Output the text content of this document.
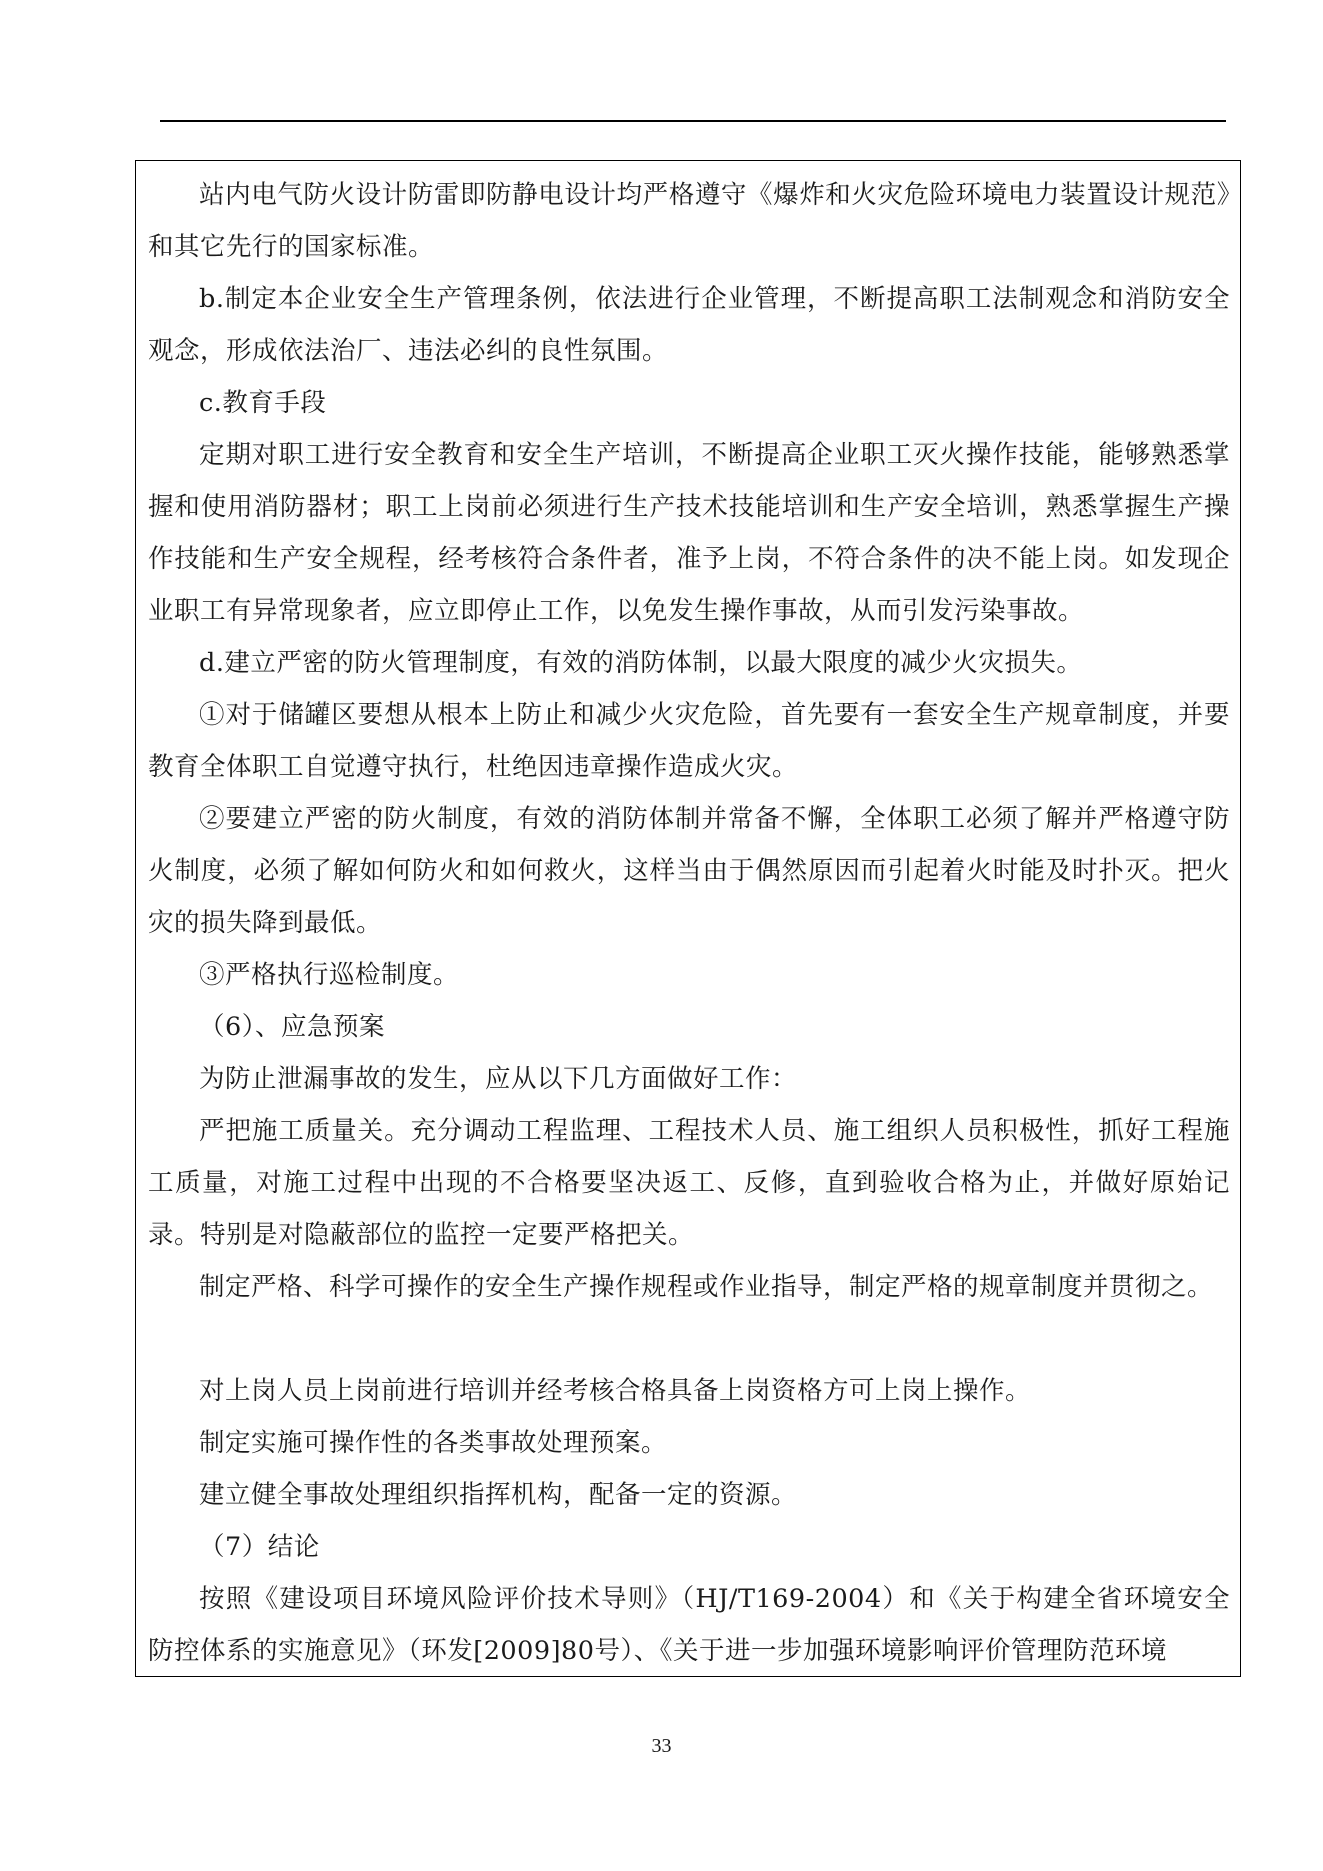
站内电气防火设计防雷即防静电设计均严格遵守《爆炸和火灾危险环境电力装置设计规范》和其它先行的国家标准。

b.制定本企业安全生产管理条例，依法进行企业管理，不断提高职工法制观念和消防安全观念，形成依法治厂、违法必纠的良性氛围。

c.教育手段

定期对职工进行安全教育和安全生产培训，不断提高企业职工灭火操作技能，能够熟悉掌握和使用消防器材；职工上岗前必须进行生产技术技能培训和生产安全培训，熟悉掌握生产操作技能和生产安全规程，经考核符合条件者，准予上岗，不符合条件的决不能上岗。如发现企业职工有异常现象者，应立即停止工作，以免发生操作事故，从而引发污染事故。

d.建立严密的防火管理制度，有效的消防体制，以最大限度的减少火灾损失。

①对于储罐区要想从根本上防止和减少火灾危险，首先要有一套安全生产规章制度，并要教育全体职工自觉遵守执行，杜绝因违章操作造成火灾。

②要建立严密的防火制度，有效的消防体制并常备不懈，全体职工必须了解并严格遵守防火制度，必须了解如何防火和如何救火，这样当由于偶然原因而引起着火时能及时扑灭。把火灾的损失降到最低。

③严格执行巡检制度。

（6）、应急预案

为防止泄漏事故的发生，应从以下几方面做好工作：

严把施工质量关。充分调动工程监理、工程技术人员、施工组织人员积极性，抓好工程施工质量，对施工过程中出现的不合格要坚决返工、反修，直到验收合格为止，并做好原始记录。特别是对隐蔽部位的监控一定要严格把关。

制定严格、科学可操作的安全生产操作规程或作业指导，制定严格的规章制度并贯彻之。

对上岗人员上岗前进行培训并经考核合格具备上岗资格方可上岗上操作。

制定实施可操作性的各类事故处理预案。

建立健全事故处理组织指挥机构，配备一定的资源。

（7）结论

按照《建设项目环境风险评价技术导则》（HJ/T169-2004）和《关于构建全省环境安全防控体系的实施意见》（环发[2009]80号）、《关于进一步加强环境影响评价管理防范环境

33
